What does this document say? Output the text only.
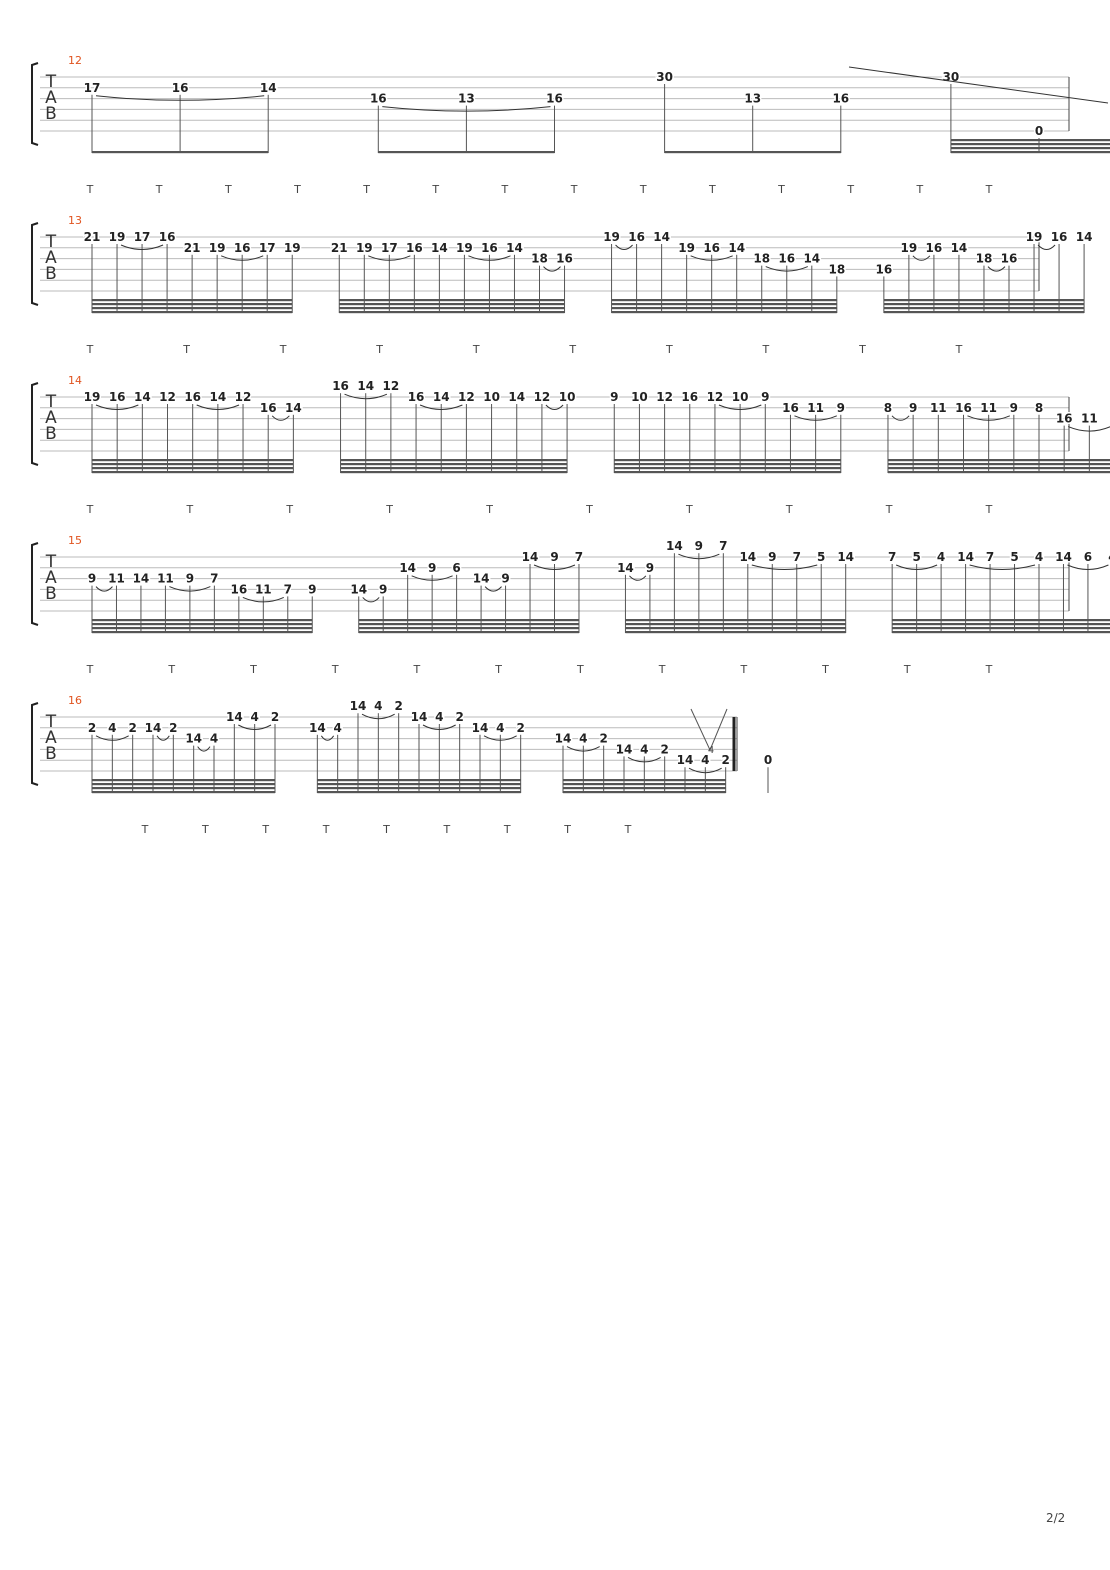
12
T
A
B
17	16	14
16	13	16
30
13	16
30
0
T	T	T	T	T	T	T	T	T	T	T	T	T	T
13
T
A
B
21 19 17 16
21 19 16 17 19	21 19 17 16 14 19 16 14
18 16
19 16 14
19 16 14
18 16 14
18	16
19 16 14
18 16
19 16 14
T	T	T	T	T	T	T	T	T	T
14
T
A
B
19 16 14 12 16 14 12
16 14
16 14 12
16 14 12 10 14 12 10	9 10 12 16 12 10 9
16 11 9	8 9 11 16 11 9 8
16 11
T	T	T	T	T	T	T	T	T	T
15
T
A
B
9 11 14 11 9 7
16 11 7 9	14 9
14 9 6
14 9
14 9 7
14 9
14 9 7
14 9 7 5 14	7 5 4 14 7 5 4 14 6
T	T	T	T	T	T	T	T	T	T	T	T
16
T
A
B
2 4 2 14 2
14 4
14 4 2
14 4
14 4 2
14 4 2
14 4 2
14 4 2
14 4 2
14 4 2	0
T	T	T	T	T	T	T	T	T
4
2/2
